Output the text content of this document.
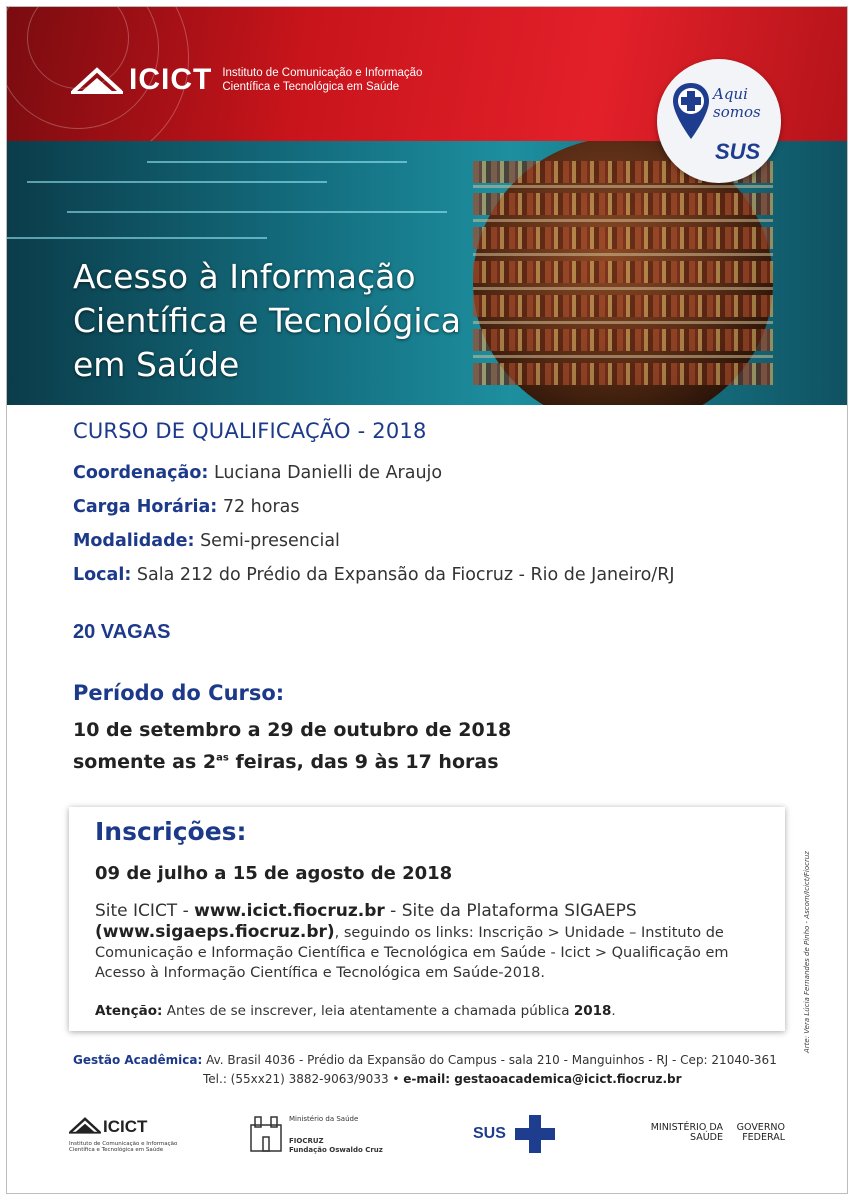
ICICT Instituto de Comunicação e Informação
Científica e Tecnológica em Saúde	Aqui
somos
SUS
Acesso à Informação
Científica e Tecnológica
em Saúde
CURSO DE QUALIFICAÇÃO - 2018
Coordenação: Luciana Danielli de Araujo
Carga Horária: 72 horas
Modalidade: Semi-presencial
Local: Sala 212 do Prédio da Expansão da Fiocruz - Rio de Janeiro/RJ
20 VAGAS
Período do Curso:
10 de setembro a 29 de outubro de 2018
somente as $2^{as}$ feiras, das 9 às 17 horas
Inscrições:
09 de julho a 15 de agosto de 2018
Site ICICT - www.icict.fiocruz.br - Site da Plataforma SIGAEPS (www.sigaeps.fiocruz.br), seguindo os links: Inscrição > Unidade – Instituto de Comunicação e Informação Científica e Tecnológica em Saúde - Icict > Qualificação em Acesso à Informação Científica e Tecnológica em Saúde-2018.
Atenção: Antes de se inscrever, leia atentamente a chamada pública 2018.	Arte: Vera Lúcia Fernandes de Pinho - Ascom/Icict/Fiocruz
Gestão Acadêmica: Av. Brasil 4036 - Prédio da Expansão do Campus - sala 210 - Manguinhos - RJ - Cep: 21040-361
Tel.: (55xx21) 3882-9063/9033 • e-mail: gestaoacademica@icict.fiocruz.br
ICICT
Instituto de Comunicação e Informação Científica e Tecnológica em Saúde
Ministério da Saúde
FIOCRUZ
Fundação Oswaldo Cruz
SUS	MINISTÉRIO DA SAÚDE
GOVERNO FEDERAL
